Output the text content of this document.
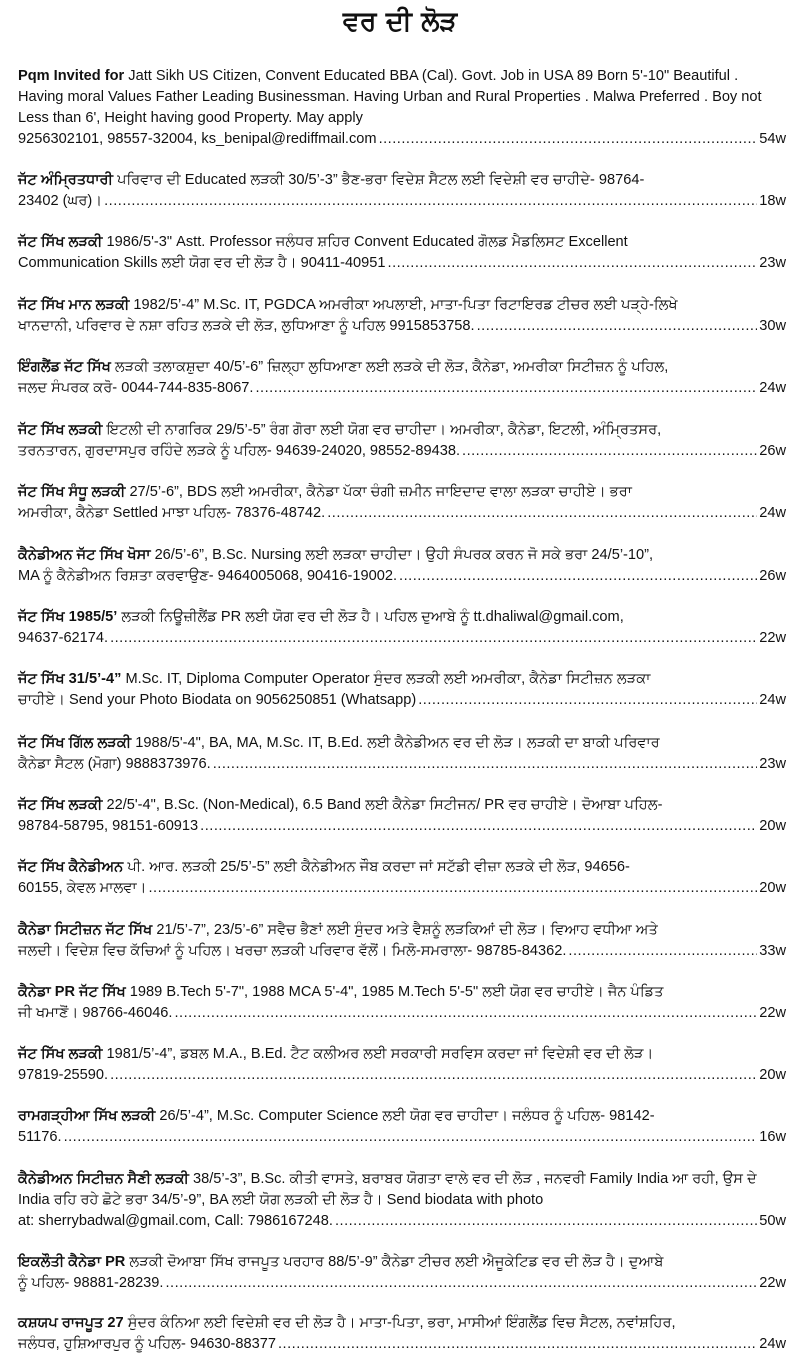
ਵਰ ਦੀ ਲੋੜ
Pqm Invited for Jatt Sikh US Citizen, Convent Educated BBA (Cal). Govt. Job in USA 89 Born 5'-10" Beautiful . Having moral Values Father Leading Businessman. Having Urban and Rural Properties . Malwa Preferred . Boy not Less than 6', Height having good Property. May apply
9256302101, 98557-32004, ks_benipal@rediffmail.com .....	54w
ਜੱਟ ਅੰਮ੍ਰਿਤਧਾਰੀ ਪਰਿਵਾਰ ਦੀ Educated ਲੜਕੀ 30/5’-3” ਭੈਣ-ਭਰਾ ਵਿਦੇਸ਼ ਸੈਟਲ ਲਈ ਵਿਦੇਸ਼ੀ ਵਰ ਚਾਹੀਦੇ- 98764-
23402 (ਘਰ)। .....	18w
ਜੱਟ ਸਿੱਖ ਲੜਕੀ 1986/5'-3" Astt. Professor ਜਲੰਧਰ ਸ਼ਹਿਰ Convent Educated ਗੋਲਡ ਮੈਡਲਿਸਟ Excellent
Communication Skills ਲਈ ਯੋਗ ਵਰ ਦੀ ਲੋੜ ਹੈ। 90411-40951 .....	23w
ਜੱਟ ਸਿੱਖ ਮਾਨ ਲੜਕੀ 1982/5’-4” M.Sc. IT, PGDCA ਅਮਰੀਕਾ ਅਪਲਾਈ, ਮਾਤਾ-ਪਿਤਾ ਰਿਟਾਇਰਡ ਟੀਚਰ ਲਈ ਪੜ੍ਹੇ-ਲਿਖੇ
ਖਾਨਦਾਨੀ, ਪਰਿਵਾਰ ਦੇ ਨਸ਼ਾ ਰਹਿਤ ਲੜਕੇ ਦੀ ਲੋੜ, ਲੁਧਿਆਣਾ ਨੂੰ ਪਹਿਲ 9915853758. .....	30w
ਇੰਗਲੈਂਡ ਜੱਟ ਸਿੱਖ ਲੜਕੀ ਤਲਾਕਸ਼ੁਦਾ 40/5’-6” ਜ਼ਿਲ੍ਹਾ ਲੁਧਿਆਣਾ ਲਈ ਲੜਕੇ ਦੀ ਲੋੜ, ਕੈਨੇਡਾ, ਅਮਰੀਕਾ ਸਿਟੀਜ਼ਨ ਨੂੰ ਪਹਿਲ,
ਜਲਦ ਸੰਪਰਕ ਕਰੋ- 0044-744-835-8067. .....	24w
ਜੱਟ ਸਿੱਖ ਲੜਕੀ ਇਟਲੀ ਦੀ ਨਾਗਰਿਕ 29/5’-5” ਰੰਗ ਗੋਰਾ ਲਈ ਯੋਗ ਵਰ ਚਾਹੀਦਾ। ਅਮਰੀਕਾ, ਕੈਨੇਡਾ, ਇਟਲੀ, ਅੰਮ੍ਰਿਤਸਰ,
ਤਰਨਤਾਰਨ, ਗੁਰਦਾਸਪੁਰ ਰਹਿੰਦੇ ਲੜਕੇ ਨੂੰ ਪਹਿਲ- 94639-24020, 98552-89438. .....	26w
ਜੱਟ ਸਿੱਖ ਸੰਧੂ ਲੜਕੀ 27/5’-6”, BDS ਲਈ ਅਮਰੀਕਾ, ਕੈਨੇਡਾ ਪੱਕਾ ਚੰਗੀ ਜ਼ਮੀਨ ਜਾਇਦਾਦ ਵਾਲਾ ਲੜਕਾ ਚਾਹੀਏ। ਭਰਾ
ਅਮਰੀਕਾ, ਕੈਨੇਡਾ Settled ਮਾਝਾ ਪਹਿਲ- 78376-48742. .....	24w
ਕੈਨੇਡੀਅਨ ਜੱਟ ਸਿੱਖ ਖੋਸਾ 26/5’-6”, B.Sc. Nursing ਲਈ ਲੜਕਾ ਚਾਹੀਦਾ। ਉਹੀ ਸੰਪਰਕ ਕਰਨ ਜੋ ਸਕੇ ਭਰਾ 24/5’-10”,
MA ਨੂੰ ਕੈਨੇਡੀਅਨ ਰਿਸ਼ਤਾ ਕਰਵਾਉਣ- 9464005068, 90416-19002. .....	26w
ਜੱਟ ਸਿੱਖ 1985/5’ ਲੜਕੀ ਨਿਊਜ਼ੀਲੈਂਡ PR ਲਈ ਯੋਗ ਵਰ ਦੀ ਲੋੜ ਹੈ। ਪਹਿਲ ਦੁਆਬੇ ਨੂੰ tt.dhaliwal@gmail.com,
94637-62174. .....	22w
ਜੱਟ ਸਿੱਖ 31/5’-4” M.Sc. IT, Diploma Computer Operator ਸੁੰਦਰ ਲੜਕੀ ਲਈ ਅਮਰੀਕਾ, ਕੈਨੇਡਾ ਸਿਟੀਜ਼ਨ ਲੜਕਾ
ਚਾਹੀਏ। Send your Photo Biodata on 9056250851 (Whatsapp) .....	24w
ਜੱਟ ਸਿੱਖ ਗਿੱਲ ਲੜਕੀ 1988/5'-4", BA, MA, M.Sc. IT, B.Ed. ਲਈ ਕੈਨੇਡੀਅਨ ਵਰ ਦੀ ਲੋੜ। ਲੜਕੀ ਦਾ ਬਾਕੀ ਪਰਿਵਾਰ
ਕੈਨੇਡਾ ਸੈਟਲ (ਮੋਗਾ) 9888373976. .....	23w
ਜੱਟ ਸਿੱਖ ਲੜਕੀ 22/5'-4", B.Sc. (Non-Medical), 6.5 Band ਲਈ ਕੈਨੇਡਾ ਸਿਟੀਜਨ/ PR ਵਰ ਚਾਹੀਏ। ਦੋਆਬਾ ਪਹਿਲ-
98784-58795, 98151-60913 .....	20w
ਜੱਟ ਸਿੱਖ ਕੈਨੇਡੀਅਨ ਪੀ. ਆਰ. ਲੜਕੀ 25/5’-5” ਲਈ ਕੈਨੇਡੀਅਨ ਜੌਬ ਕਰਦਾ ਜਾਂ ਸਟੱਡੀ ਵੀਜ਼ਾ ਲੜਕੇ ਦੀ ਲੋੜ, 94656-
60155, ਕੇਵਲ ਮਾਲਵਾ। .....	20w
ਕੈਨੇਡਾ ਸਿਟੀਜ਼ਨ ਜੱਟ ਸਿੱਖ 21/5’-7”, 23/5’-6” ਸਵੈਚ ਭੈਣਾਂ ਲਈ ਸੁੰਦਰ ਅਤੇ ਵੈਸ਼ਨੂੰ ਲੜਕਿਆਂ ਦੀ ਲੋੜ। ਵਿਆਹ ਵਧੀਆ ਅਤੇ
ਜਲਦੀ। ਵਿਦੇਸ਼ ਵਿਚ ਕੱਚਿਆਂ ਨੂੰ ਪਹਿਲ। ਖਰਚਾ ਲੜਕੀ ਪਰਿਵਾਰ ਵੱਲੋਂ। ਮਿਲੋ-ਸਮਰਾਲਾ- 98785-84362. .....	33w
ਕੈਨੇਡਾ PR ਜੱਟ ਸਿੱਖ 1989 B.Tech 5'-7", 1988 MCA 5'-4", 1985 M.Tech 5'-5" ਲਈ ਯੋਗ ਵਰ ਚਾਹੀਏ। ਜੈਨ ਪੰਡਿਤ
ਜੀ ਖਮਾਣੋਂ। 98766-46046. .....	22w
ਜੱਟ ਸਿੱਖ ਲੜਕੀ 1981/5’-4”, ਡਬਲ M.A., B.Ed. ਟੈਟ ਕਲੀਅਰ ਲਈ ਸਰਕਾਰੀ ਸਰਵਿਸ ਕਰਦਾ ਜਾਂ ਵਿਦੇਸ਼ੀ ਵਰ ਦੀ ਲੋੜ।
97819-25590. .....	20w
ਰਾਮਗੜ੍ਹੀਆ ਸਿੱਖ ਲੜਕੀ 26/5’-4”, M.Sc. Computer Science ਲਈ ਯੋਗ ਵਰ ਚਾਹੀਦਾ। ਜਲੰਧਰ ਨੂੰ ਪਹਿਲ- 98142-
51176. .....	16w
ਕੈਨੇਡੀਅਨ ਸਿਟੀਜ਼ਨ ਸੈਣੀ ਲੜਕੀ 38/5’-3”, B.Sc. ਕੀਤੀ ਵਾਸਤੇ, ਬਰਾਬਰ ਯੋਗਤਾ ਵਾਲੇ ਵਰ ਦੀ ਲੋੜ , ਜਨਵਰੀ Family India ਆ ਰਹੀ, ਉਸ ਦੇ India ਰਹਿ ਰਹੇ ਛੋਟੇ ਭਰਾ 34/5’-9”, BA ਲਈ ਯੋਗ ਲੜਕੀ ਦੀ ਲੋੜ ਹੈ। Send biodata with photo
at: sherrybadwal@gmail.com, Call: 7986167248. .....	50w
ਇਕਲੌਤੀ ਕੈਨੇਡਾ PR ਲੜਕੀ ਦੋਆਬਾ ਸਿੱਖ ਰਾਜਪੂਤ ਪਰਹਾਰ 88/5’-9” ਕੈਨੇਡਾ ਟੀਚਰ ਲਈ ਐਜੂਕੇਟਿਡ ਵਰ ਦੀ ਲੋੜ ਹੈ। ਦੁਆਬੇ
ਨੂੰ ਪਹਿਲ- 98881-28239. .....	22w
ਕਸ਼ਯਪ ਰਾਜਪੂਤ 27 ਸੁੰਦਰ ਕੰਨਿਆ ਲਈ ਵਿਦੇਸ਼ੀ ਵਰ ਦੀ ਲੋੜ ਹੈ। ਮਾਤਾ-ਪਿਤਾ, ਭਰਾ, ਮਾਸੀਆਂ ਇੰਗਲੈਂਡ ਵਿਚ ਸੈਟਲ, ਨਵਾਂਸ਼ਹਿਰ,
ਜਲੰਧਰ, ਹੁਸ਼ਿਆਰਪੁਰ ਨੂੰ ਪਹਿਲ- 94630-88377 .....	24w
